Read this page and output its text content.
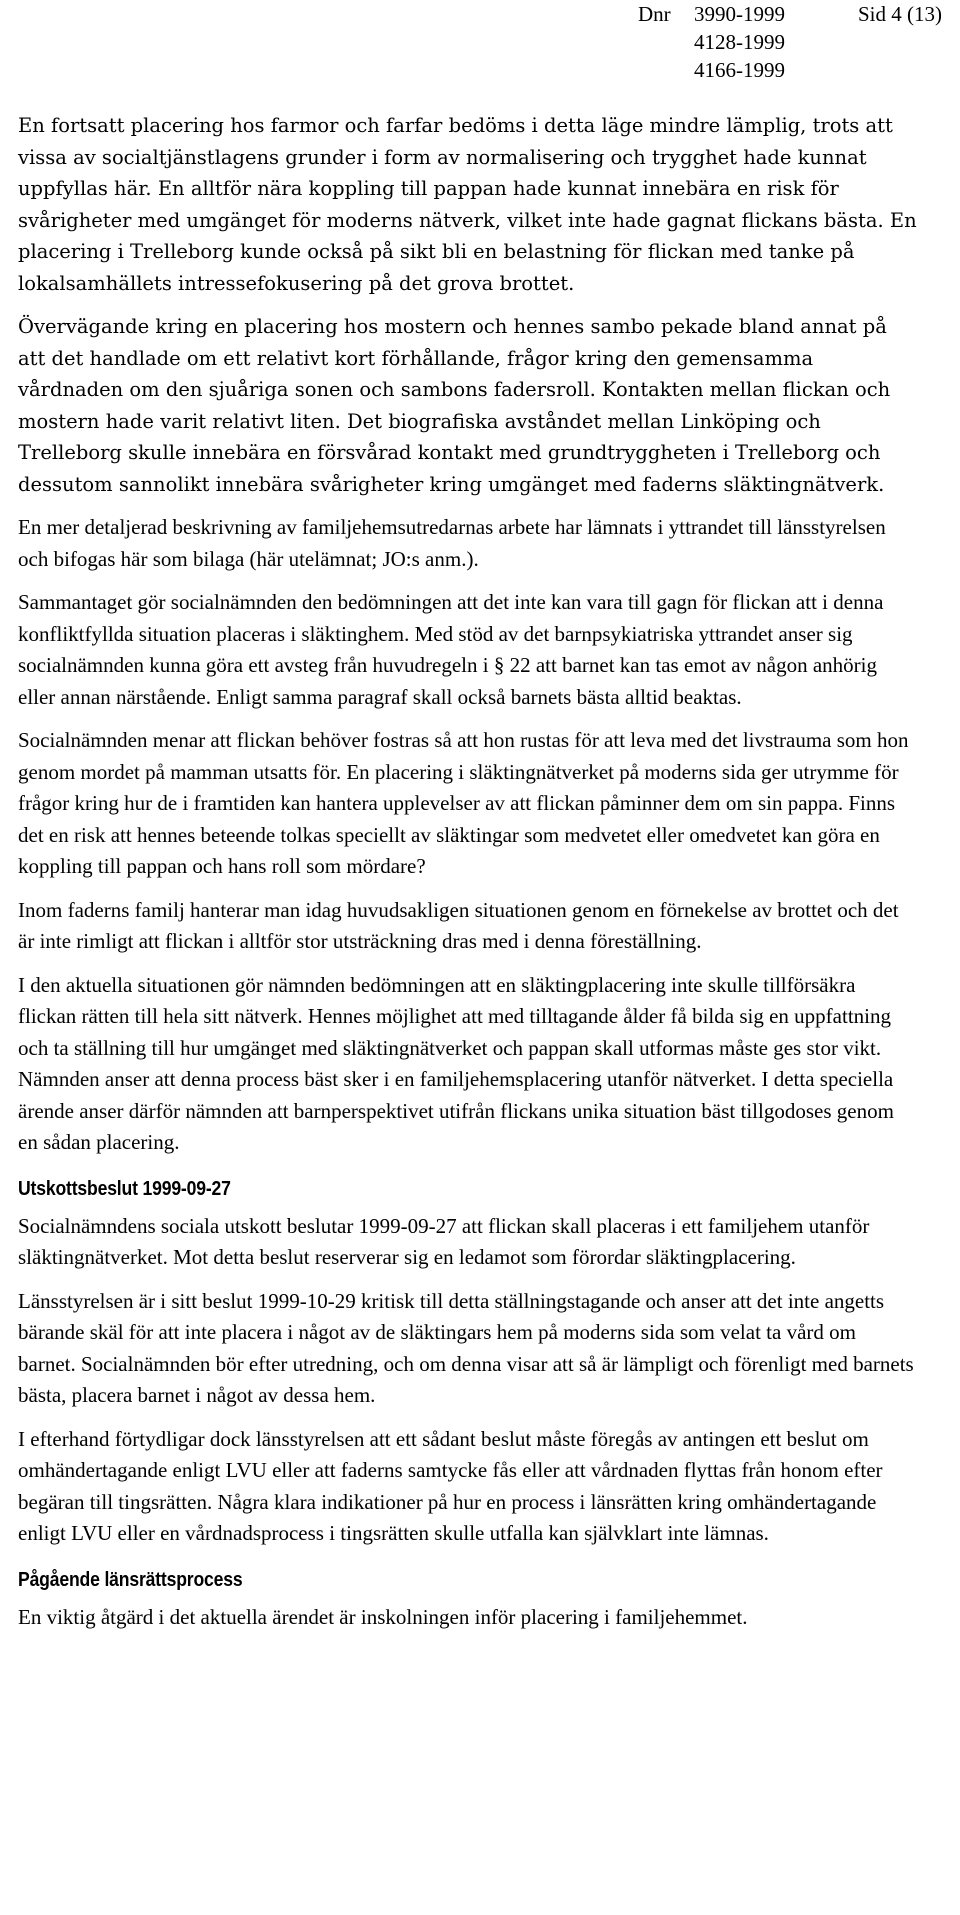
Dnr 3990-1999	Sid 4 (13)
4128-1999
4166-1999

En fortsatt placering hos farmor och farfar bedöms i detta läge mindre lämplig, trots att vissa av socialtjänstlagens grunder i form av normalisering och trygghet hade kunnat uppfyllas här. En alltför nära koppling till pappan hade kunnat innebära en risk för svårigheter med umgänget för moderns nätverk, vilket inte hade gagnat flickans bästa. En placering i Trelleborg kunde också på sikt bli en belastning för flickan med tanke på lokalsamhällets intressefokusering på det grova brottet.

Övervägande kring en placering hos mostern och hennes sambo pekade bland annat på att det handlade om ett relativt kort förhållande, frågor kring den gemensamma vårdnaden om den sjuåriga sonen och sambons fadersroll. Kontakten mellan flickan och mostern hade varit relativt liten. Det biografiska avståndet mellan Linköping och Trelleborg skulle innebära en försvårad kontakt med grundtryggheten i Trelleborg och dessutom sannolikt innebära svårigheter kring umgänget med faderns släktingnätverk.

En mer detaljerad beskrivning av familjehemsutredarnas arbete har lämnats i yttrandet till länsstyrelsen och bifogas här som bilaga (här utelämnat; JO:s anm.).

Sammantaget gör socialnämnden den bedömningen att det inte kan vara till gagn för flickan att i denna konfliktfyllda situation placeras i släktinghem. Med stöd av det barnpsykiatriska yttrandet anser sig socialnämnden kunna göra ett avsteg från huvudregeln i § 22 att barnet kan tas emot av någon anhörig eller annan närstående. Enligt samma paragraf skall också barnets bästa alltid beaktas.

Socialnämnden menar att flickan behöver fostras så att hon rustas för att leva med det livstrauma som hon genom mordet på mamman utsatts för. En placering i släktingnätverket på moderns sida ger utrymme för frågor kring hur de i framtiden kan hantera upplevelser av att flickan påminner dem om sin pappa. Finns det en risk att hennes beteende tolkas speciellt av släktingar som medvetet eller omedvetet kan göra en koppling till pappan och hans roll som mördare?

Inom faderns familj hanterar man idag huvudsakligen situationen genom en förnekelse av brottet och det är inte rimligt att flickan i alltför stor utsträckning dras med i denna föreställning.

I den aktuella situationen gör nämnden bedömningen att en släktingplacering inte skulle tillförsäkra flickan rätten till hela sitt nätverk. Hennes möjlighet att med tilltagande ålder få bilda sig en uppfattning och ta ställning till hur umgänget med släktingnätverket och pappan skall utformas måste ges stor vikt. Nämnden anser att denna process bäst sker i en familjehemsplacering utanför nätverket. I detta speciella ärende anser därför nämnden att barnperspektivet utifrån flickans unika situation bäst tillgodoses genom en sådan placering.

Utskottsbeslut 1999-09-27

Socialnämndens sociala utskott beslutar 1999-09-27 att flickan skall placeras i ett familjehem utanför släktingnätverket. Mot detta beslut reserverar sig en ledamot som förordar släktingplacering.

Länsstyrelsen är i sitt beslut 1999-10-29 kritisk till detta ställningstagande och anser att det inte angetts bärande skäl för att inte placera i något av de släktingars hem på moderns sida som velat ta vård om barnet. Socialnämnden bör efter utredning, och om denna visar att så är lämpligt och förenligt med barnets bästa, placera barnet i något av dessa hem.

I efterhand förtydligar dock länsstyrelsen att ett sådant beslut måste föregås av antingen ett beslut om omhändertagande enligt LVU eller att faderns samtycke fås eller att vårdnaden flyttas från honom efter begäran till tingsrätten. Några klara indikationer på hur en process i länsrätten kring omhändertagande enligt LVU eller en vårdnadsprocess i tingsrätten skulle utfalla kan självklart inte lämnas.

Pågående länsrättsprocess

En viktig åtgärd i det aktuella ärendet är inskolningen inför placering i familjehemmet.
